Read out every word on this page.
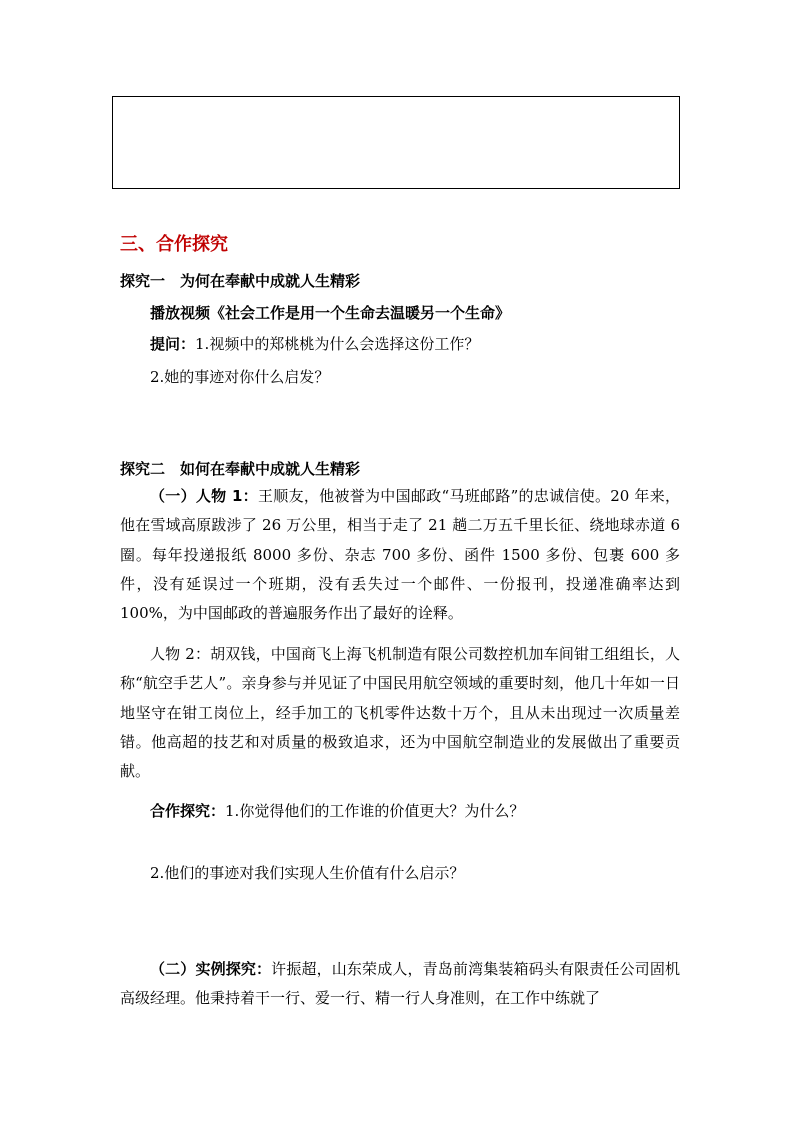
三、合作探究
探究一　为何在奉献中成就人生精彩
播放视频《社会工作是用一个生命去温暖另一个生命》
提问：1.视频中的郑桃桃为什么会选择这份工作？
2.她的事迹对你什么启发？
探究二　如何在奉献中成就人生精彩
（一）人物 1：王顺友，他被誉为中国邮政“马班邮路”的忠诚信使。20 年来，他在雪域高原跋涉了 26 万公里，相当于走了 21 趟二万五千里长征、绕地球赤道 6 圈。每年投递报纸 8000 多份、杂志 700 多份、函件 1500 多份、包裹 600 多件，没有延误过一个班期，没有丢失过一个邮件、一份报刊，投递准确率达到 100%，为中国邮政的普遍服务作出了最好的诠释。
人物 2：胡双钱，中国商飞上海飞机制造有限公司数控机加车间钳工组组长，人称“航空手艺人”。亲身参与并见证了中国民用航空领域的重要时刻，他几十年如一日地坚守在钳工岗位上，经手加工的飞机零件达数十万个，且从未出现过一次质量差错。他高超的技艺和对质量的极致追求，还为中国航空制造业的发展做出了重要贡献。
合作探究：1.你觉得他们的工作谁的价值更大？为什么？
2.他们的事迹对我们实现人生价值有什么启示？
（二）实例探究：许振超，山东荣成人，青岛前湾集装箱码头有限责任公司固机高级经理。他秉持着干一行、爱一行、精一行人身准则，在工作中练就了
